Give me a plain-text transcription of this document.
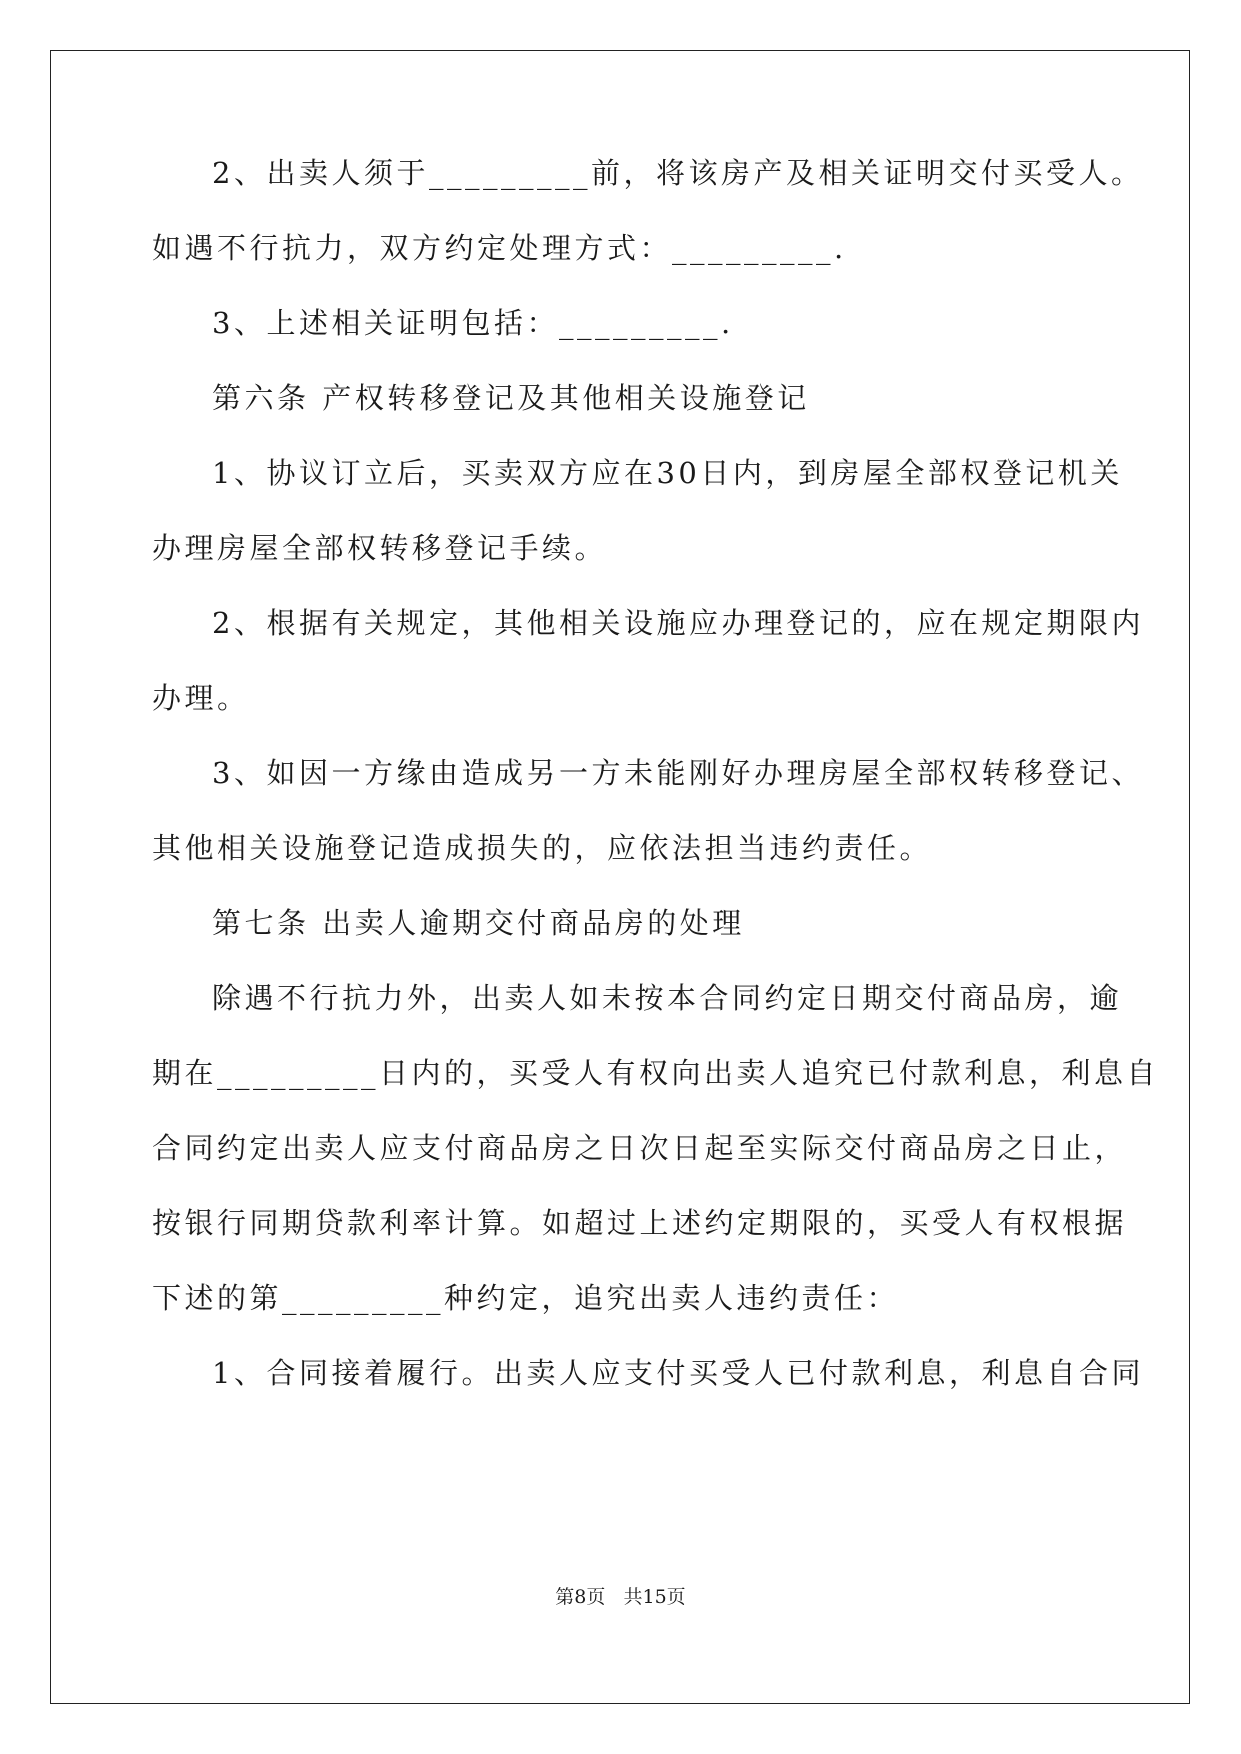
2、出卖人须于_________前，将该房产及相关证明交付买受人。
如遇不行抗力，双方约定处理方式：_________.
3、上述相关证明包括：_________.
第六条 产权转移登记及其他相关设施登记
1、协议订立后，买卖双方应在30日内，到房屋全部权登记机关
办理房屋全部权转移登记手续。
2、根据有关规定，其他相关设施应办理登记的，应在规定期限内
办理。
3、如因一方缘由造成另一方未能刚好办理房屋全部权转移登记、
其他相关设施登记造成损失的，应依法担当违约责任。
第七条 出卖人逾期交付商品房的处理
除遇不行抗力外，出卖人如未按本合同约定日期交付商品房，逾
期在_________日内的，买受人有权向出卖人追究已付款利息，利息自
合同约定出卖人应支付商品房之日次日起至实际交付商品房之日止，
按银行同期贷款利率计算。如超过上述约定期限的，买受人有权根据
下述的第_________种约定，追究出卖人违约责任：
1、合同接着履行。出卖人应支付买受人已付款利息，利息自合同
第8页   共15页
